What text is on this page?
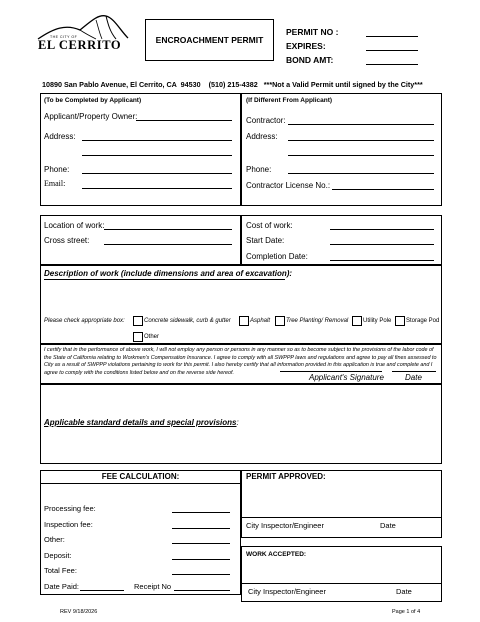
THE CITY OF
EL CERRITO	ENCROACHMENT PERMIT
PERMIT NO :
EXPIRES:
BOND AMT:
10890 San Pablo Avenue, El Cerrito, CA  94530    (510) 215-4382   ***Not a Valid Permit until signed by the City***
(To be Completed by Applicant)
Applicant/Property Owner:
Address:
Phone:
Email:
(If Different From Applicant)
Contractor:
Address:
Phone:
Contractor License No.:
Location of work:
Cross street:
Cost of work:
Start Date:
Completion Date:
Description of work (include dimensions and area of excavation):
Please check appropriate box:	Concrete sidewalk, curb & gutter	Asphalt	Tree Planting/ Removal Utility Pole Storage Pod
Other
I certify that in the performance of above work, I will not employ any person or persons in any manner so as to become subject to the provisions of the labor code of the State of California relating to Workmen's Compensation Insurance. I agree to comply with all SWPPP laws and regulations and agree to pay all fines assessed to City as a result of SWPPP violations pertaining to work for this permit. I also hereby certify that all information provided in this application is true and complete and I agree to comply with the conditions listed below and on the reverse side hereof.
Applicant's Signature	Date
Applicable standard details and special provisions:
FEE CALCULATION:
Processing fee:
Inspection fee:
Other:
Deposit:
Total Fee:
Date Paid:	Receipt No
PERMIT APPROVED:
City Inspector/Engineer	Date
WORK ACCEPTED:
City Inspector/Engineer	Date
REV 9/18/2026	Page 1 of 4
